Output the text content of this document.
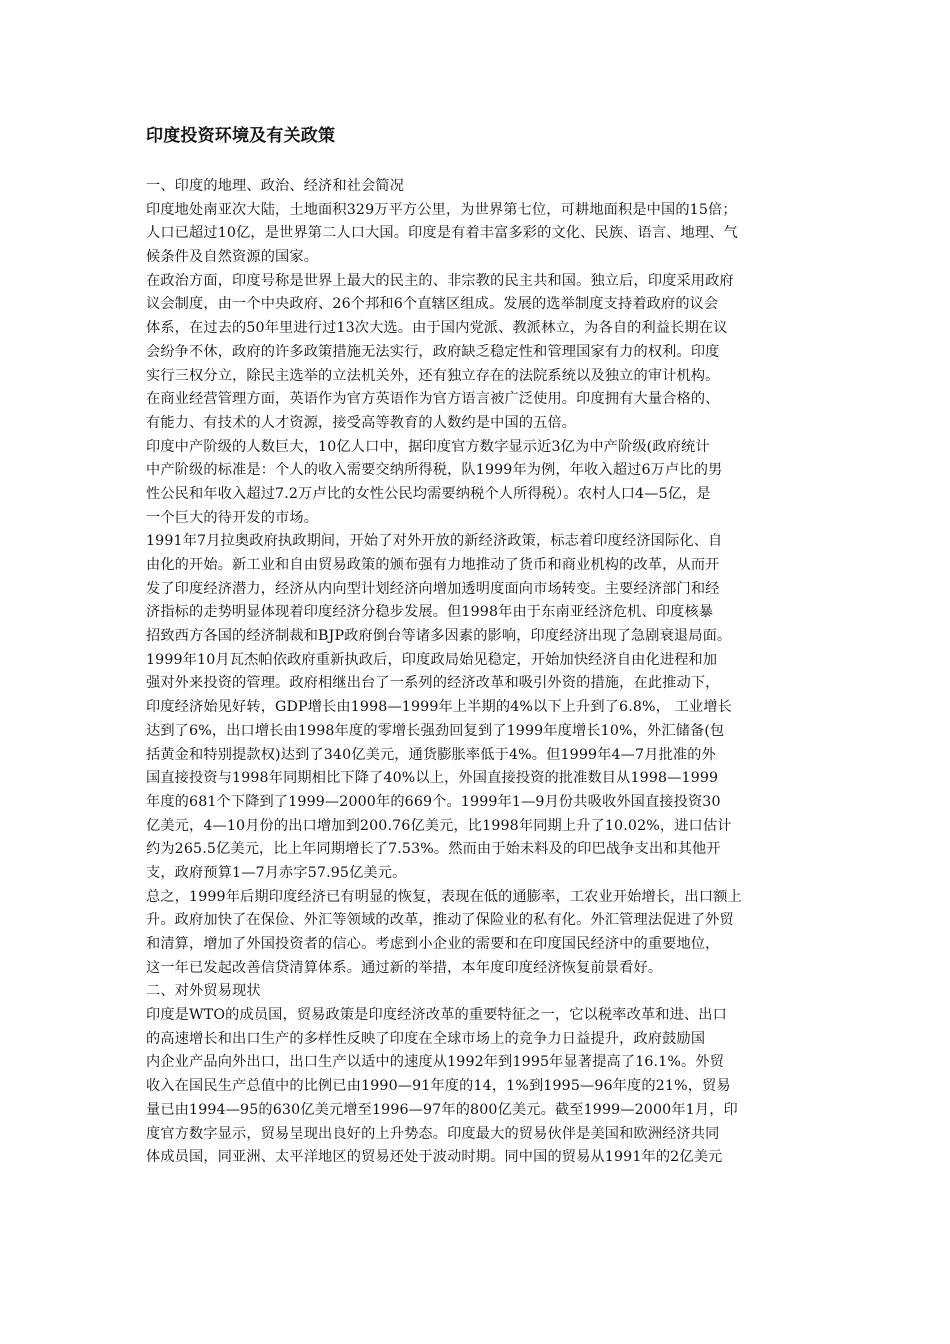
印度投资环境及有关政策
一、印度的地理、政治、经济和社会简况
印度地处南亚次大陆，土地面积329万平方公里，为世界第七位，可耕地面积是中国的15倍；
人口已超过10亿，是世界第二人口大国。印度是有着丰富多彩的文化、民族、语言、地理、气
候条件及自然资源的国家。
在政治方面，印度号称是世界上最大的民主的、非宗教的民主共和国。独立后，印度采用政府
议会制度，由一个中央政府、26个邦和6个直辖区组成。发展的选举制度支持着政府的议会
体系，在过去的50年里进行过13次大选。由于国内党派、教派林立，为各自的利益长期在议
会纷争不休，政府的许多政策措施无法实行，政府缺乏稳定性和管理国家有力的权利。印度
实行三权分立，除民主选举的立法机关外，还有独立存在的法院系统以及独立的审计机构。
在商业经营管理方面，英语作为官方英语作为官方语言被广泛使用。印度拥有大量合格的、
有能力、有技术的人才资源，接受高等教育的人数约是中国的五倍。
印度中产阶级的人数巨大，10亿人口中，据印度官方数字显示近3亿为中产阶级(政府统计
中产阶级的标准是：个人的收入需要交纳所得税，队1999年为例，年收入超过6万卢比的男
性公民和年收入超过7.2万卢比的女性公民均需要纳税个人所得税）。农村人口4—5亿，是
一个巨大的待开发的市场。
1991年7月拉奥政府执政期间，开始了对外开放的新经济政策，标志着印度经济国际化、自
由化的开始。新工业和自由贸易政策的颁布强有力地推动了货币和商业机构的改革，从而开
发了印度经济潜力，经济从内向型计划经济向增加透明度面向市场转变。主要经济部门和经
济指标的走势明显体现着印度经济分稳步发展。但1998年由于东南亚经济危机、印度核暴
招致西方各国的经济制裁和BJP政府倒台等诸多因素的影响，印度经济出现了急剧衰退局面。
1999年10月瓦杰帕依政府重新执政后，印度政局始见稳定，开始加快经济自由化进程和加
强对外来投资的管理。政府相继出台了一系列的经济改革和吸引外资的措施，在此推动下，
印度经济始见好转，GDP增长由1998—1999年上半期的4%以下上升到了6.8%， 工业增长
达到了6%，出口增长由1998年度的零增长强劲回复到了1999年度增长10%，外汇储备(包
括黄金和特别提款权)达到了340亿美元，通货膨胀率低于4%。但1999年4—7月批准的外
国直接投资与1998年同期相比下降了40%以上，外国直接投资的批准数目从1998—1999
年度的681个下降到了1999—2000年的669个。1999年1—9月份共吸收外国直接投资30
亿美元，4—10月份的出口增加到200.76亿美元，比1998年同期上升了10.02%，进口估计
约为265.5亿美元，比上年同期增长了7.53%。然而由于始未料及的印巴战争支出和其他开
支，政府预算1—7月赤字57.95亿美元。
总之，1999年后期印度经济已有明显的恢复，表现在低的通膨率，工农业开始增长，出口额上
升。政府加快了在保俭、外汇等领域的改革，推动了保险业的私有化。外汇管理法促进了外贸
和清算，增加了外国投资者的信心。考虑到小企业的需要和在印度国民经济中的重要地位，
这一年已发起改善信贷清算体系。通过新的举措，本年度印度经济恢复前景看好。
二、对外贸易现状
印度是WTO的成员国，贸易政策是印度经济改革的重要特征之一，它以税率改革和进、出口
的高速增长和出口生产的多样性反映了印度在全球市场上的竞争力日益提升，政府鼓励国
内企业产品向外出口，出口生产以适中的速度从1992年到1995年显著提高了16.1%。外贸
收入在国民生产总值中的比例已由1990—91年度的14，1%到1995—96年度的21%，贸易
量已由1994—95的630亿美元增至1996—97年的800亿美元。截至1999—2000年1月，印
度官方数字显示，贸易呈现出良好的上升势态。印度最大的贸易伙伴是美国和欧洲经济共同
体成员国，同亚洲、太平洋地区的贸易还处于波动时期。同中国的贸易从1991年的2亿美元
